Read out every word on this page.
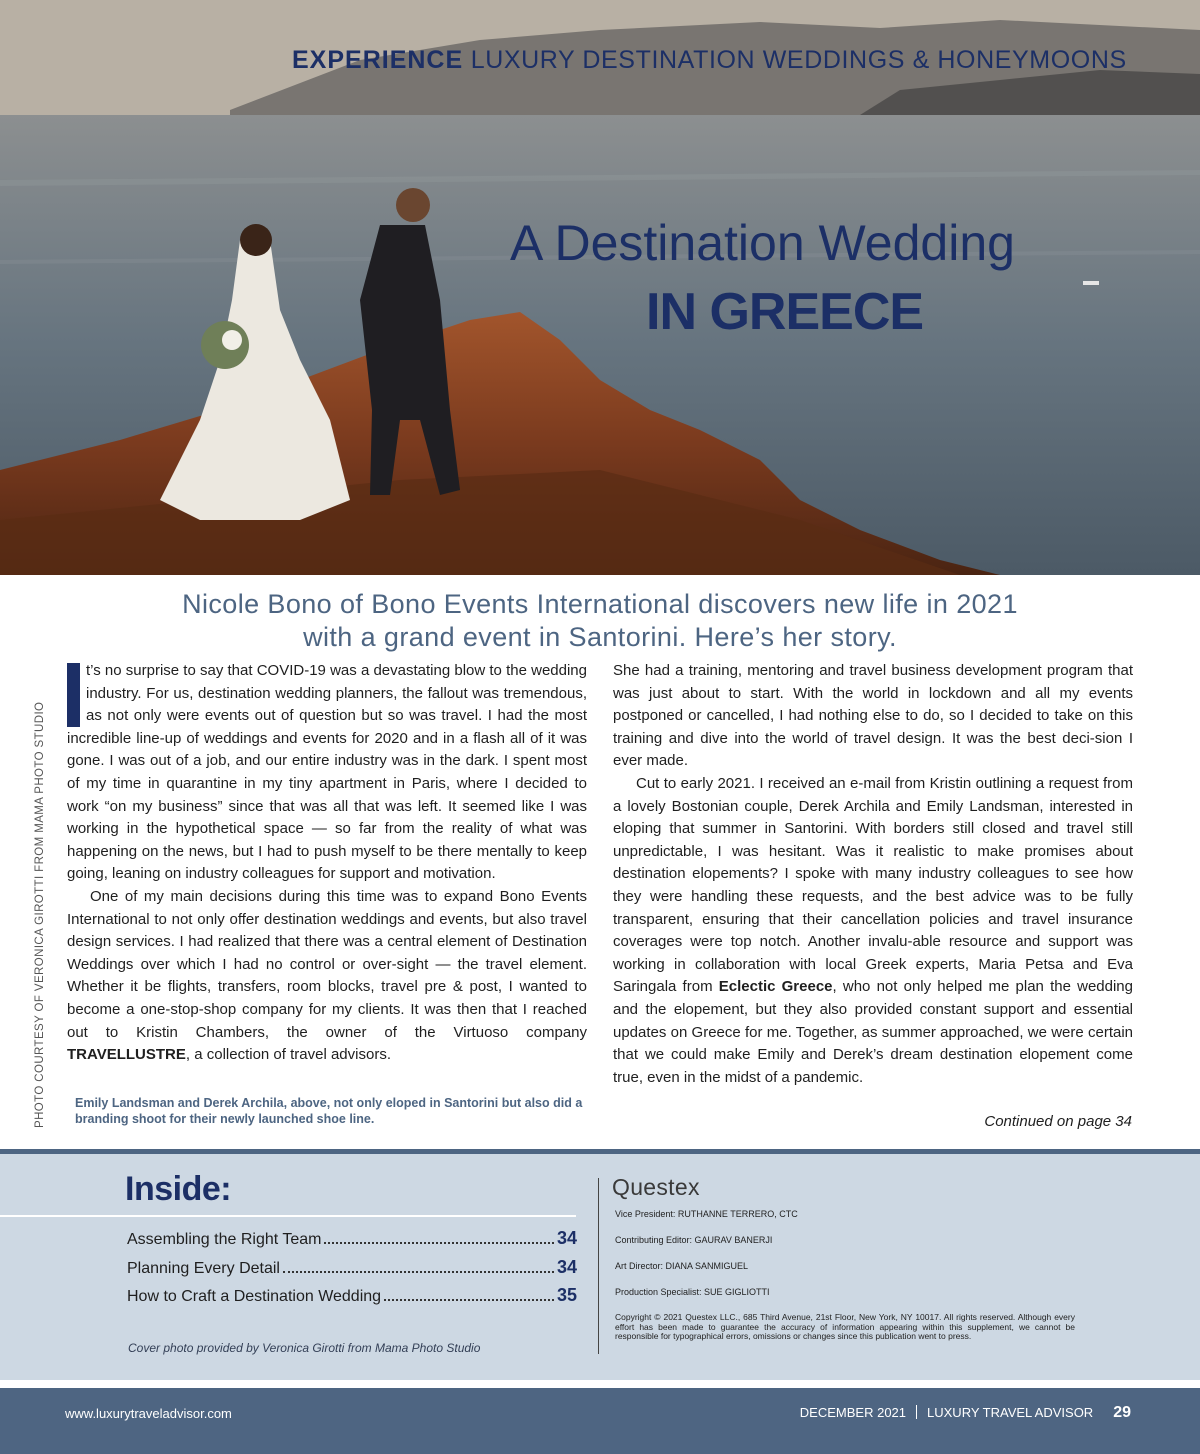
EXPERIENCE LUXURY DESTINATION WEDDINGS & HONEYMOONS
A Destination Wedding
IN GREECE
Nicole Bono of Bono Events International discovers new life in 2021
with a grand event in Santorini. Here’s her story.
PHOTO COURTESY OF VERONICA GIROTTI FROM MAMA PHOTO STUDIO

t’s no surprise to say that COVID-19 was a devastating blow to the wedding industry. For us, destination wedding planners, the fallout was tremendous, as not only were events out of question but so was travel. I had the most incredible line-up of weddings and events for 2020 and in a flash all of it was gone. I was out of a job, and our entire industry was in the dark. I spent most of my time in quarantine in my tiny apartment in Paris, where I decided to work “on my business” since that was all that was left. It seemed like I was working in the hypothetical space — so far from the reality of what was happening on the news, but I had to push myself to be there mentally to keep going, leaning on industry colleagues for support and motivation.

One of my main decisions during this time was to expand Bono Events International to not only offer destination weddings and events, but also travel design services. I had realized that there was a central element of Destination Weddings over which I had no control or over-sight — the travel element. Whether it be flights, transfers, room blocks, travel pre & post, I wanted to become a one-stop-shop company for my clients. It was then that I reached out to Kristin Chambers, the owner of the Virtuoso company TRAVELLUSTRE, a collection of travel advisors.

She had a training, mentoring and travel business development program that was just about to start. With the world in lockdown and all my events postponed or cancelled, I had nothing else to do, so I decided to take on this training and dive into the world of travel design. It was the best deci-sion I ever made.

Cut to early 2021. I received an e-mail from Kristin outlining a request from a lovely Bostonian couple, Derek Archila and Emily Landsman, interested in eloping that summer in Santorini. With borders still closed and travel still unpredictable, I was hesitant. Was it realistic to make promises about destination elopements? I spoke with many industry colleagues to see how they were handling these requests, and the best advice was to be fully transparent, ensuring that their cancellation policies and travel insurance coverages were top notch. Another invalu-able resource and support was working in collaboration with local Greek experts, Maria Petsa and Eva Saringala from Eclectic Greece, who not only helped me plan the wedding and the elopement, but they also provided constant support and essential updates on Greece for me. Together, as summer approached, we were certain that we could make Emily and Derek’s dream destination elopement come true, even in the midst of a pandemic.

Emily Landsman and Derek Archila, above, not only eloped in Santorini but also did a branding shoot for their newly launched shoe line.	Continued on page 34
Inside:
Assembling the Right Team	34
Planning Every Detail	34
How to Craft a Destination Wedding	35
Cover photo provided by Veronica Girotti from Mama Photo Studio
Questex
Vice President: RUTHANNE TERRERO, CTC
Contributing Editor: GAURAV BANERJI
Art Director: DIANA SANMIGUEL
Production Specialist: SUE GIGLIOTTI
Copyright © 2021 Questex LLC., 685 Third Avenue, 21st Floor, New York, NY 10017. All rights reserved. Although every effort has been made to guarantee the accuracy of information appearing within this supplement, we cannot be responsible for typographical errors, omissions or changes since this publication went to press.
www.luxurytraveladvisor.com	DECEMBER 2021 LUXURY TRAVEL ADVISOR 29
